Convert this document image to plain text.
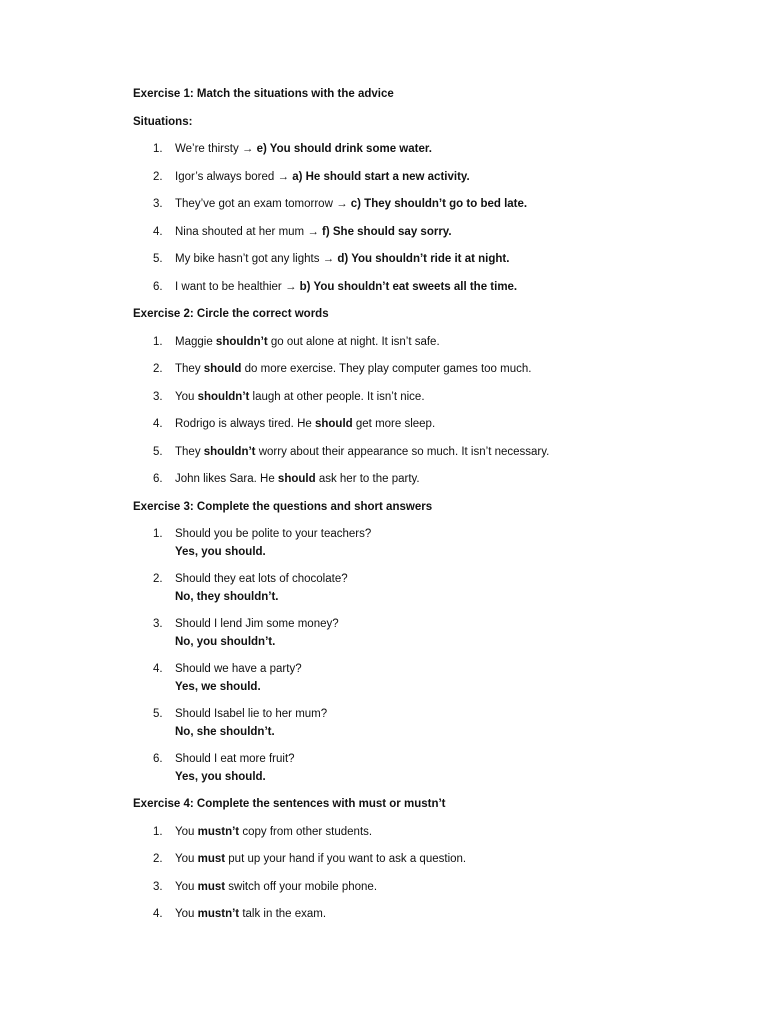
Exercise 1: Match the situations with the advice

Situations:

1. We’re thirsty → e) You should drink some water.
2. Igor’s always bored → a) He should start a new activity.
3. They’ve got an exam tomorrow → c) They shouldn’t go to bed late.
4. Nina shouted at her mum → f) She should say sorry.
5. My bike hasn’t got any lights → d) You shouldn’t ride it at night.
6. I want to be healthier → b) You shouldn’t eat sweets all the time.

Exercise 2: Circle the correct words

1. Maggie shouldn’t go out alone at night. It isn’t safe.
2. They should do more exercise. They play computer games too much.
3. You shouldn’t laugh at other people. It isn’t nice.
4. Rodrigo is always tired. He should get more sleep.
5. They shouldn’t worry about their appearance so much. It isn’t necessary.
6. John likes Sara. He should ask her to the party.

Exercise 3: Complete the questions and short answers

1. Should you be polite to your teachers?
Yes, you should.
2. Should they eat lots of chocolate?
No, they shouldn’t.
3. Should I lend Jim some money?
No, you shouldn’t.
4. Should we have a party?
Yes, we should.
5. Should Isabel lie to her mum?
No, she shouldn’t.
6. Should I eat more fruit?
Yes, you should.

Exercise 4: Complete the sentences with must or mustn’t

1. You mustn’t copy from other students.
2. You must put up your hand if you want to ask a question.
3. You must switch off your mobile phone.
4. You mustn’t talk in the exam.
